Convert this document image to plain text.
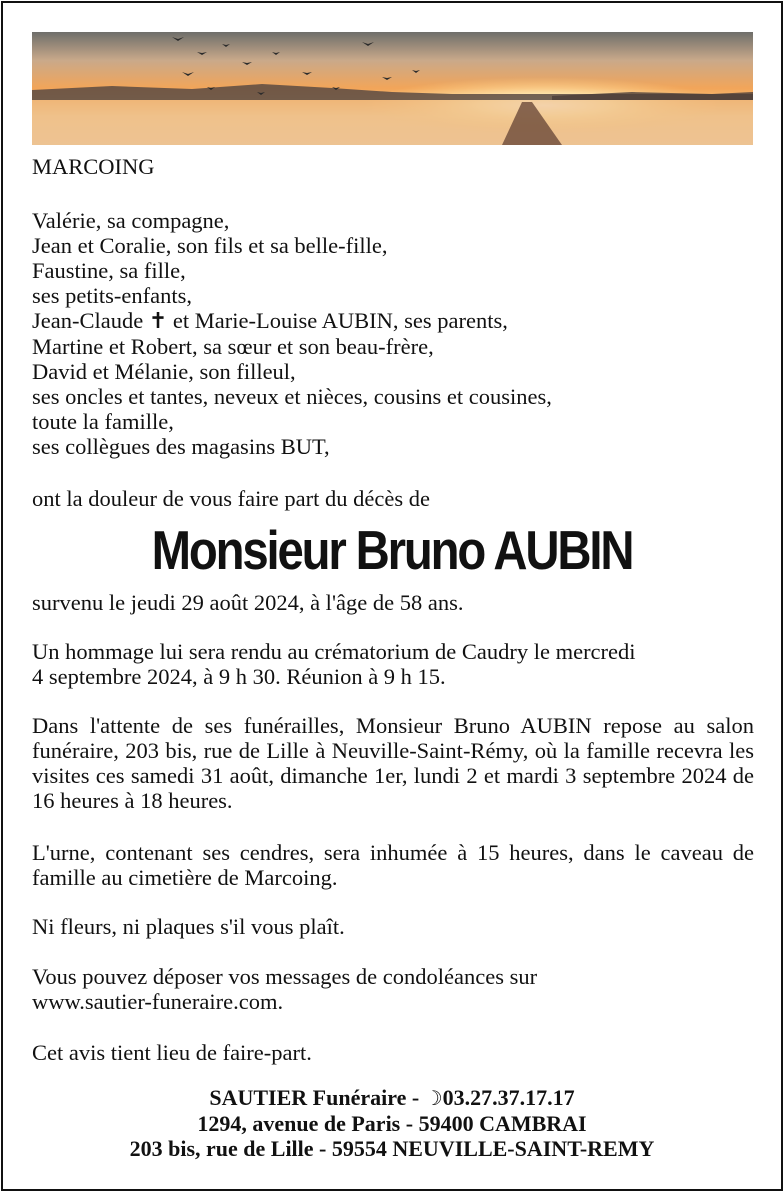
MARCOING

Valérie, sa compagne,

Jean et Coralie, son fils et sa belle-fille,

Faustine, sa fille,

ses petits-enfants,

Jean-Claude ✝ et Marie-Louise AUBIN, ses parents,

Martine et Robert, sa sœur et son beau-frère,

David et Mélanie, son filleul,

ses oncles et tantes, neveux et nièces, cousins et cousines,

toute la famille,

ses collègues des magasins BUT,

ont la douleur de vous faire part du décès de

Monsieur Bruno AUBIN

survenu le jeudi 29 août 2024, à l'âge de 58 ans.

Un hommage lui sera rendu au crématorium de Caudry le mercredi

4 septembre 2024, à 9 h 30. Réunion à 9 h 15.

Dans l'attente de ses funérailles, Monsieur Bruno AUBIN repose au salon funéraire, 203 bis, rue de Lille à Neuville-Saint-Rémy, où la famille recevra les visites ces samedi 31 août, dimanche 1er, lundi 2 et mardi 3 septembre 2024 de 16 heures à 18 heures.

L'urne, contenant ses cendres, sera inhumée à 15 heures, dans le caveau de famille au cimetière de Marcoing.

Ni fleurs, ni plaques s'il vous plaît.

Vous pouvez déposer vos messages de condoléances sur

www.sautier-funeraire.com.

Cet avis tient lieu de faire-part.

SAUTIER Funéraire - ☽03.27.37.17.17

1294, avenue de Paris - 59400 CAMBRAI

203 bis, rue de Lille - 59554 NEUVILLE-SAINT-REMY
